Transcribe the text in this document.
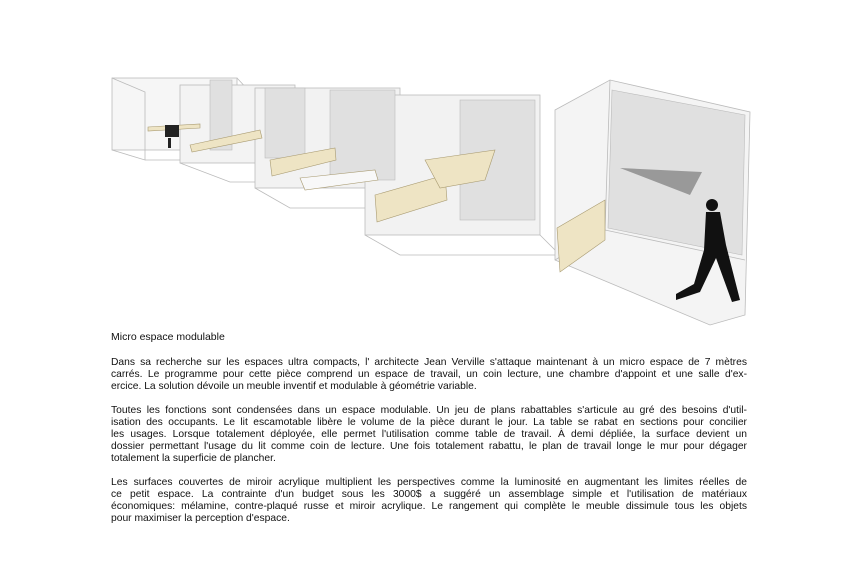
Micro espace modulable
Dans sa recherche sur les espaces ultra compacts, l' architecte Jean Verville s'attaque maintenant à un micro espace de 7 mètres
carrés. Le programme pour cette pièce comprend un espace de travail, un coin lecture, une chambre d'appoint et une salle d'ex-
ercice. La solution dévoile un meuble inventif et modulable à géométrie variable.
Toutes les fonctions sont condensées dans un espace modulable. Un jeu de plans rabattables s'articule au gré des besoins d'util-
isation des occupants. Le lit escamotable libère le volume de la pièce durant le jour. La table se rabat en sections pour concilier
les usages. Lorsque totalement déployée, elle permet l'utilisation comme table de travail. À demi dépliée, la surface devient un
dossier permettant l'usage du lit comme coin de lecture. Une fois totalement rabattu, le plan de travail longe le mur pour dégager
totalement la superficie de plancher.
Les surfaces couvertes de miroir acrylique multiplient les perspectives comme la luminosité en augmentant les limites réelles de
ce petit espace. La contrainte d'un budget sous les 3000$ a suggéré un assemblage simple et l'utilisation de matériaux
économiques: mélamine, contre-plaqué russe et miroir acrylique. Le rangement qui complète le meuble dissimule tous les objets
pour maximiser la perception d'espace.
